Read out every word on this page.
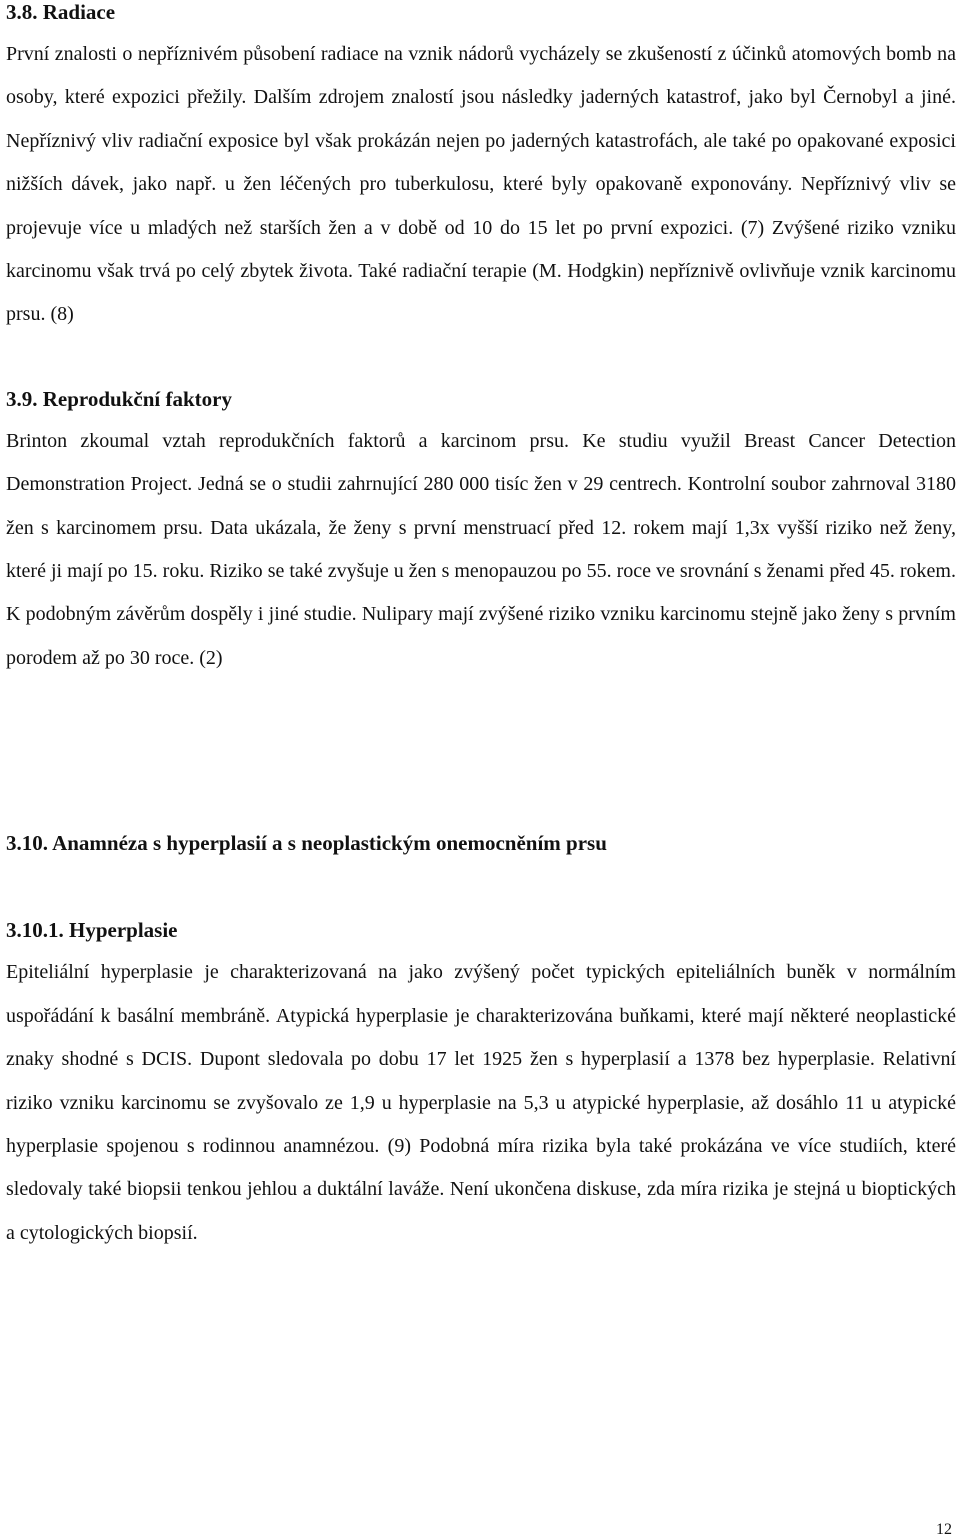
3.8. Radiace

První znalosti o nepříznivém působení radiace na vznik nádorů vycházely se zkušeností z účinků atomových bomb na osoby, které expozici přežily. Dalším zdrojem znalostí jsou následky jaderných katastrof, jako byl Černobyl a jiné. Nepříznivý vliv radiační exposice byl však prokázán nejen po jaderných katastrofách, ale také po opakované exposici nižších dávek, jako např. u žen léčených pro tuberkulosu, které byly opakovaně exponovány. Nepříznivý vliv se projevuje více u mladých než starších žen a v době od 10 do 15 let po první expozici. (7) Zvýšené riziko vzniku karcinomu však trvá po celý zbytek života. Také radiační terapie (M. Hodgkin) nepříznivě ovlivňuje vznik karcinomu prsu. (8)

3.9. Reprodukční faktory

Brinton zkoumal vztah reprodukčních faktorů a karcinom prsu. Ke studiu využil Breast Cancer Detection Demonstration Project. Jedná se o studii zahrnující 280 000 tisíc žen v 29 centrech. Kontrolní soubor zahrnoval 3180 žen s karcinomem prsu. Data ukázala, že ženy s první menstruací před 12. rokem mají 1,3x vyšší riziko než ženy, které ji mají po 15. roku. Riziko se také zvyšuje u žen s menopauzou po 55. roce ve srovnání s ženami před 45. rokem. K podobným závěrům dospěly i jiné studie. Nulipary mají zvýšené riziko vzniku karcinomu stejně jako ženy s prvním porodem až po 30 roce. (2)

3.10. Anamnéza s hyperplasií a s neoplastickým onemocněním prsu
3.10.1. Hyperplasie

Epiteliální hyperplasie je charakterizovaná na jako zvýšený počet typických epiteliálních buněk v normálním uspořádání k basální membráně. Atypická hyperplasie je charakterizována buňkami, které mají některé neoplastické znaky shodné s DCIS. Dupont sledovala po dobu 17 let 1925 žen s hyperplasií a 1378 bez hyperplasie. Relativní riziko vzniku karcinomu se zvyšovalo ze 1,9 u hyperplasie na 5,3 u atypické hyperplasie, až dosáhlo 11 u atypické hyperplasie spojenou s rodinnou anamnézou. (9) Podobná míra rizika byla také prokázána ve více studiích, které sledovaly také biopsii tenkou jehlou a duktální laváže. Není ukončena diskuse, zda míra rizika je stejná u bioptických a cytologických biopsií.

12
